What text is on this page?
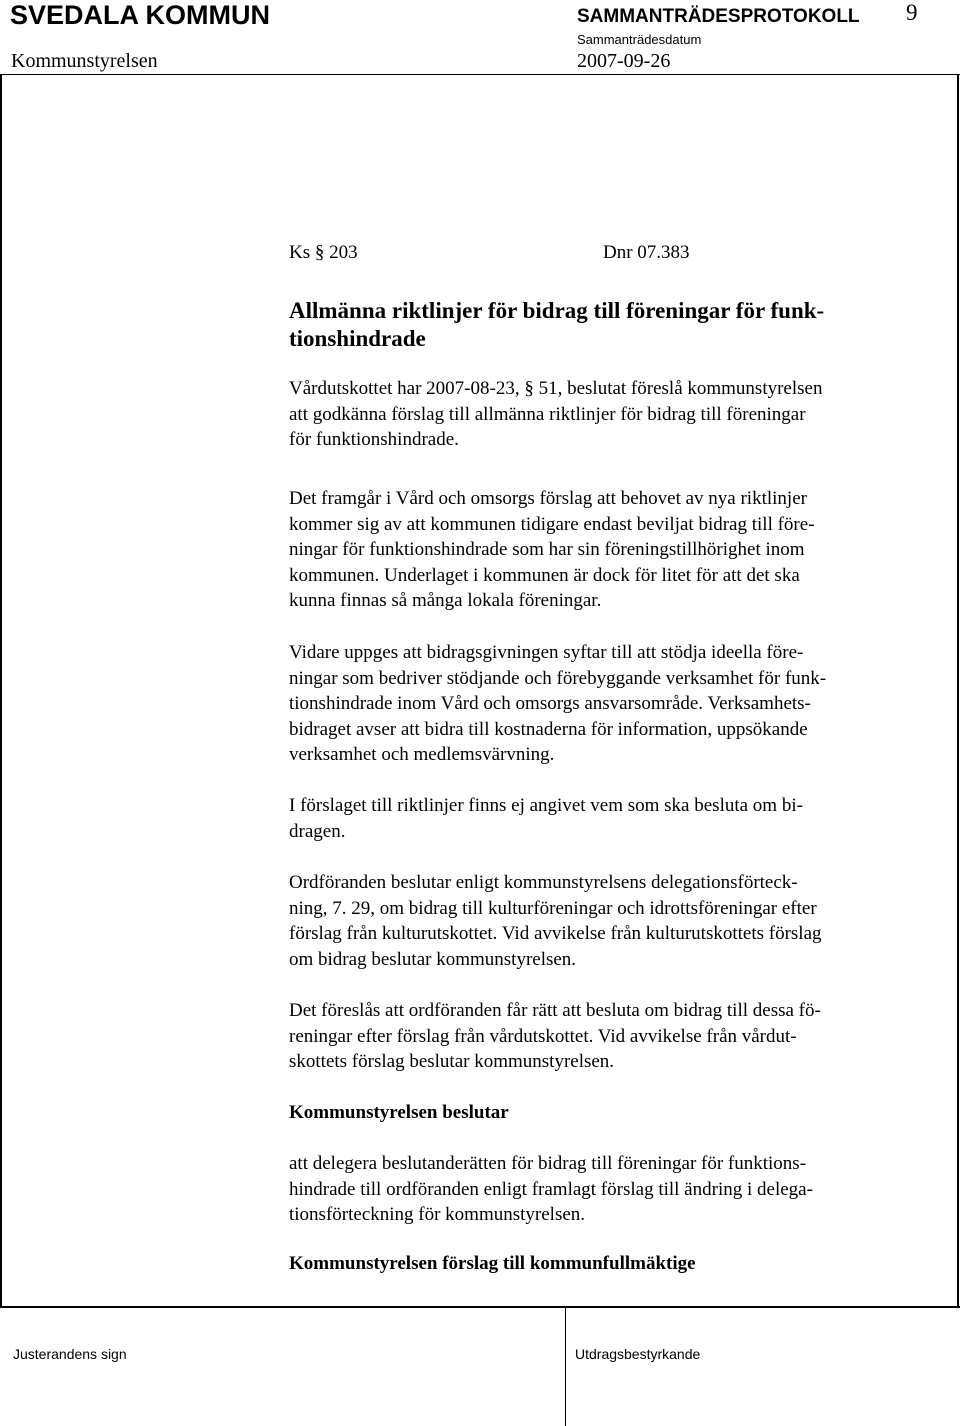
SVEDALA KOMMUN	SAMMANTRÄDESPROTOKOLL 9
Sammanträdesdatum
Kommunstyrelsen	2007-09-26
Ks § 203	Dnr 07.383
Allmänna riktlinjer för bidrag till föreningar för funk-
tionshindrade

Vårdutskottet har 2007-08-23, § 51, beslutat föreslå kommunstyrelsen
att godkänna förslag till allmänna riktlinjer för bidrag till föreningar
för funktionshindrade.

Det framgår i Vård och omsorgs förslag att behovet av nya riktlinjer
kommer sig av att kommunen tidigare endast beviljat bidrag till före-
ningar för funktionshindrade som har sin föreningstillhörighet inom
kommunen. Underlaget i kommunen är dock för litet för att det ska
kunna finnas så många lokala föreningar.

Vidare uppges att bidragsgivningen syftar till att stödja ideella före-
ningar som bedriver stödjande och förebyggande verksamhet för funk-
tionshindrade inom Vård och omsorgs ansvarsområde. Verksamhets-
bidraget avser att bidra till kostnaderna för information, uppsökande
verksamhet och medlemsvärvning.

I förslaget till riktlinjer finns ej angivet vem som ska besluta om bi-
dragen.

Ordföranden beslutar enligt kommunstyrelsens delegationsförteck-
ning, 7. 29, om bidrag till kulturföreningar och idrottsföreningar efter
förslag från kulturutskottet. Vid avvikelse från kulturutskottets förslag
om bidrag beslutar kommunstyrelsen.

Det föreslås att ordföranden får rätt att besluta om bidrag till dessa fö-
reningar efter förslag från vårdutskottet. Vid avvikelse från vårdut-
skottets förslag beslutar kommunstyrelsen.

Kommunstyrelsen beslutar

att delegera beslutanderätten för bidrag till föreningar för funktions-
hindrade till ordföranden enligt framlagt förslag till ändring i delega-
tionsförteckning för kommunstyrelsen.

Kommunstyrelsen förslag till kommunfullmäktige
Justerandens sign	Utdragsbestyrkande
